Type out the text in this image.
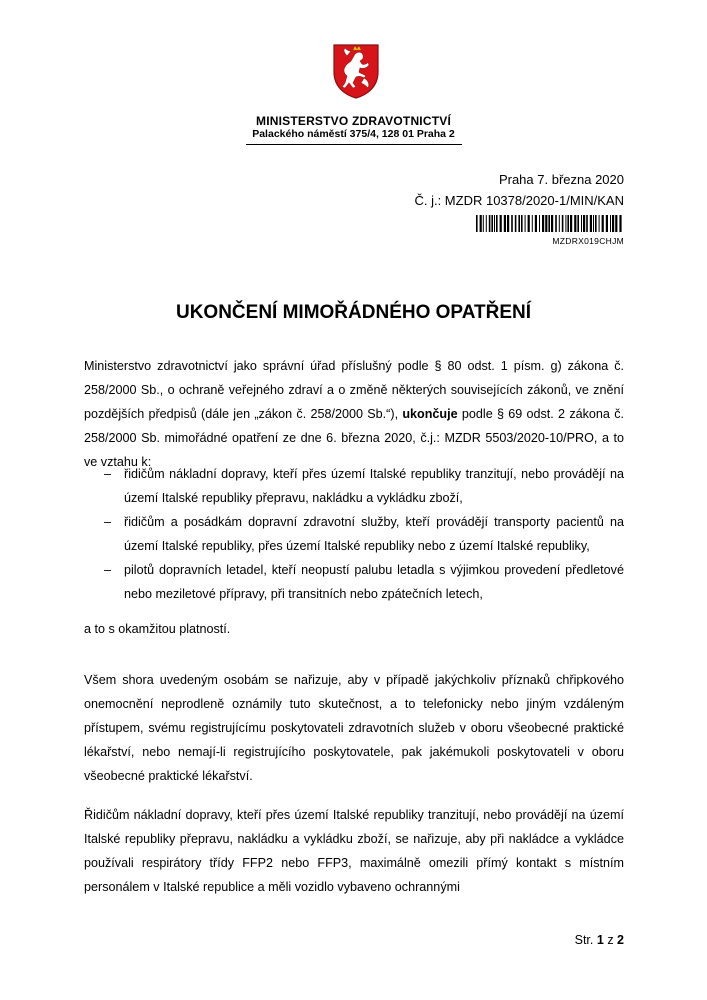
MINISTERSTVO ZDRAVOTNICTVÍ
Palackého náměstí 375/4, 128 01 Praha 2
Praha 7. března 2020
Č. j.: MZDR 10378/2020-1/MIN/KAN
MZDRX019CHJM
UKONČENÍ MIMOŘÁDNÉHO OPATŘENÍ
Ministerstvo zdravotnictví jako správní úřad příslušný podle § 80 odst. 1 písm. g) zákona č. 258/2000 Sb., o ochraně veřejného zdraví a o změně některých souvisejících zákonů, ve znění pozdějších předpisů (dále jen „zákon č. 258/2000 Sb.“), ukončuje podle § 69 odst. 2 zákona č. 258/2000 Sb. mimořádné opatření ze dne 6. března 2020, č.j.: MZDR 5503/2020-10/PRO, a to ve vztahu k:
– řidičům nákladní dopravy, kteří přes území Italské republiky tranzitují, nebo provádějí na území Italské republiky přepravu, nakládku a vykládku zboží,
– řidičům a posádkám dopravní zdravotní služby, kteří provádějí transporty pacientů na území Italské republiky, přes území Italské republiky nebo z území Italské republiky,
– pilotů dopravních letadel, kteří neopustí palubu letadla s výjimkou provedení předletové nebo meziletové přípravy, při transitních nebo zpátečních letech,
a to s okamžitou platností.
Všem shora uvedeným osobám se nařizuje, aby v případě jakýchkoliv příznaků chřipkového onemocnění neprodleně oznámily tuto skutečnost, a to telefonicky nebo jiným vzdáleným přístupem, svému registrujícímu poskytovateli zdravotních služeb v oboru všeobecné praktické lékařství, nebo nemají-li registrujícího poskytovatele, pak jakémukoli poskytovateli v oboru všeobecné praktické lékařství.
Řidičům nákladní dopravy, kteří přes území Italské republiky tranzitují, nebo provádějí na území Italské republiky přepravu, nakládku a vykládku zboží, se nařizuje, aby při nakládce a vykládce používali respirátory třídy FFP2 nebo FFP3, maximálně omezili přímý kontakt s místním personálem v Italské republice a měli vozidlo vybaveno ochrannými
Str. 1 z 2
